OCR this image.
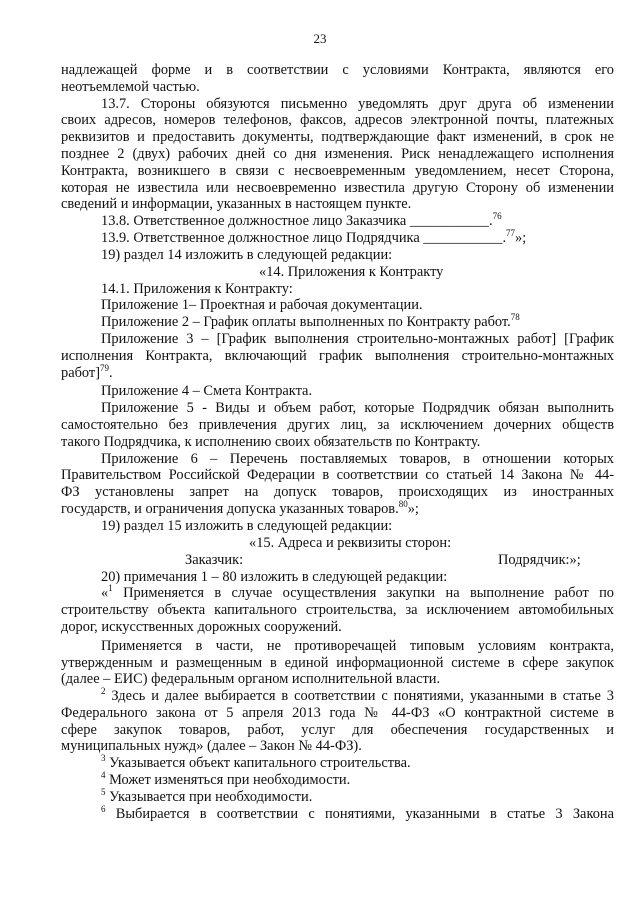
23
надлежащей форме и в соответствии с условиями Контракта, являются его
неотъемлемой частью.
13.7. Стороны обязуются письменно уведомлять друг друга об изменении
своих адресов, номеров телефонов, факсов, адресов электронной почты, платежных
реквизитов и предоставить документы, подтверждающие факт изменений, в срок не
позднее 2 (двух) рабочих дней со дня изменения. Риск ненадлежащего исполнения
Контракта, возникшего в связи с несвоевременным уведомлением, несет Сторона,
которая не известила или несвоевременно известила другую Сторону об изменении
сведений и информации, указанных в настоящем пункте.
13.8. Ответственное должностное лицо Заказчика ___________.$^{76}$
13.9. Ответственное должностное лицо Подрядчика ___________.$^{77}$»;
19) раздел 14 изложить в следующей редакции:
«14. Приложения к Контракту
14.1. Приложения к Контракту:
Приложение 1– Проектная и рабочая документации.
Приложение 2 – График оплаты выполненных по Контракту работ.$^{78}$
Приложение 3 – [График выполнения строительно-монтажных работ] [График
исполнения Контракта, включающий график выполнения строительно-монтажных
работ]$^{79}$.
Приложение 4 – Смета Контракта.
Приложение 5 - Виды и объем работ, которые Подрядчик обязан выполнить
самостоятельно без привлечения других лиц, за исключением дочерних обществ
такого Подрядчика, к исполнению своих обязательств по Контракту.
Приложение 6 – Перечень поставляемых товаров, в отношении которых
Правительством Российской Федерации в соответствии со статьей 14 Закона № 44-
ФЗ установлены запрет на допуск товаров, происходящих из иностранных
государств, и ограничения допуска указанных товаров.$^{80}$»;
19) раздел 15 изложить в следующей редакции:
«15. Адреса и реквизиты сторон:
Заказчик:	Подрядчик:»;
20) примечания 1 – 80 изложить в следующей редакции:
«$^1$ Применяется в случае осуществления закупки на выполнение работ по
строительству объекта капитального строительства, за исключением автомобильных
дорог, искусственных дорожных сооружений.
Применяется в части, не противоречащей типовым условиям контракта,
утвержденным и размещенным в единой информационной системе в сфере закупок
(далее – ЕИС) федеральным органом исполнительной власти.
$^2$ Здесь и далее выбирается в соответствии с понятиями, указанными в статье 3
Федерального закона от 5 апреля 2013 года № 44-ФЗ «О контрактной системе в
сфере закупок товаров, работ, услуг для обеспечения государственных и
муниципальных нужд» (далее – Закон № 44-ФЗ).
$^3$ Указывается объект капитального строительства.
$^4$ Может изменяться при необходимости.
$^5$ Указывается при необходимости.
$^6$ Выбирается в соответствии с понятиями, указанными в статье 3 Закона
